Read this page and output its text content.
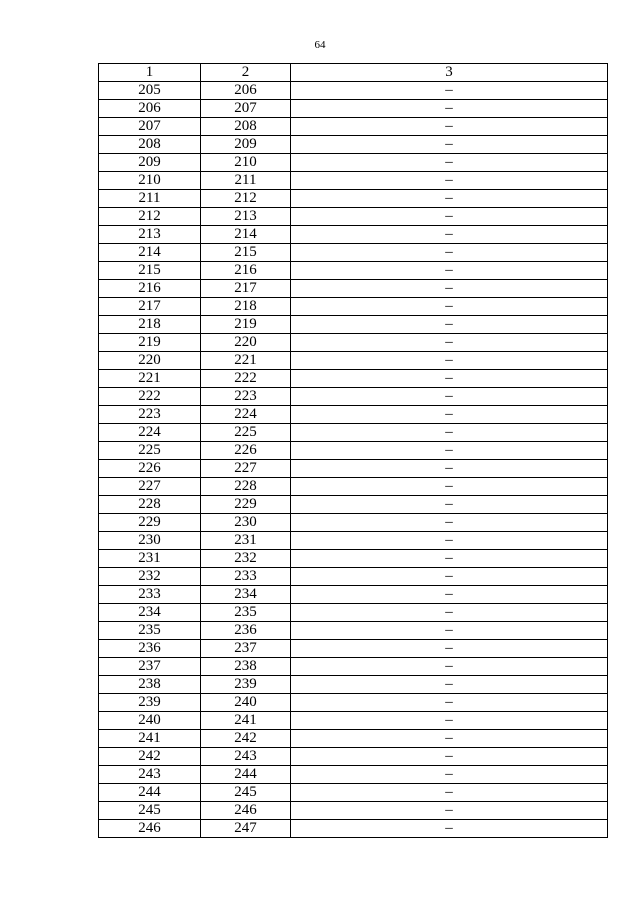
64
1	2	3
205	206	–
206	207	–
207	208	–
208	209	–
209	210	–
210	211	–
211	212	–
212	213	–
213	214	–
214	215	–
215	216	–
216	217	–
217	218	–
218	219	–
219	220	–
220	221	–
221	222	–
222	223	–
223	224	–
224	225	–
225	226	–
226	227	–
227	228	–
228	229	–
229	230	–
230	231	–
231	232	–
232	233	–
233	234	–
234	235	–
235	236	–
236	237	–
237	238	–
238	239	–
239	240	–
240	241	–
241	242	–
242	243	–
243	244	–
244	245	–
245	246	–
246	247	–
